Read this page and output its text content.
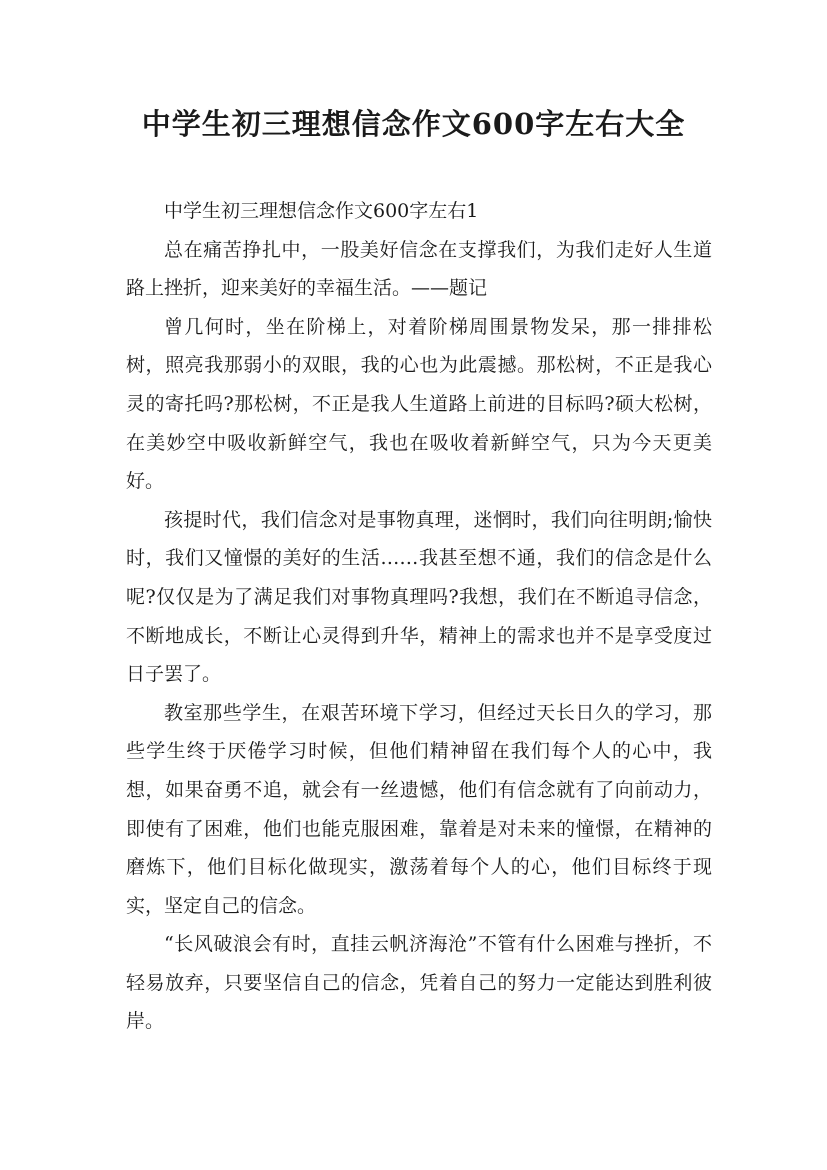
中学生初三理想信念作文600字左右大全

中学生初三理想信念作文600字左右1

总在痛苦挣扎中，一股美好信念在支撑我们，为我们走好人生道路上挫折，迎来美好的幸福生活。——题记

曾几何时，坐在阶梯上，对着阶梯周围景物发呆，那一排排松树，照亮我那弱小的双眼，我的心也为此震撼。那松树，不正是我心灵的寄托吗?那松树，不正是我人生道路上前进的目标吗?硕大松树，在美妙空中吸收新鲜空气，我也在吸收着新鲜空气，只为今天更美好。

孩提时代，我们信念对是事物真理，迷惘时，我们向往明朗;愉快时，我们又憧憬的美好的生活……我甚至想不通，我们的信念是什么呢?仅仅是为了满足我们对事物真理吗?我想，我们在不断追寻信念，不断地成长，不断让心灵得到升华，精神上的需求也并不是享受度过日子罢了。

教室那些学生，在艰苦环境下学习，但经过天长日久的学习，那些学生终于厌倦学习时候，但他们精神留在我们每个人的心中，我想，如果奋勇不追，就会有一丝遗憾，他们有信念就有了向前动力，即使有了困难，他们也能克服困难，靠着是对未来的憧憬，在精神的磨炼下，他们目标化做现实，激荡着每个人的心，他们目标终于现实，坚定自己的信念。

“长风破浪会有时，直挂云帆济海沧”不管有什么困难与挫折，不轻易放弃，只要坚信自己的信念，凭着自己的努力一定能达到胜利彼岸。
